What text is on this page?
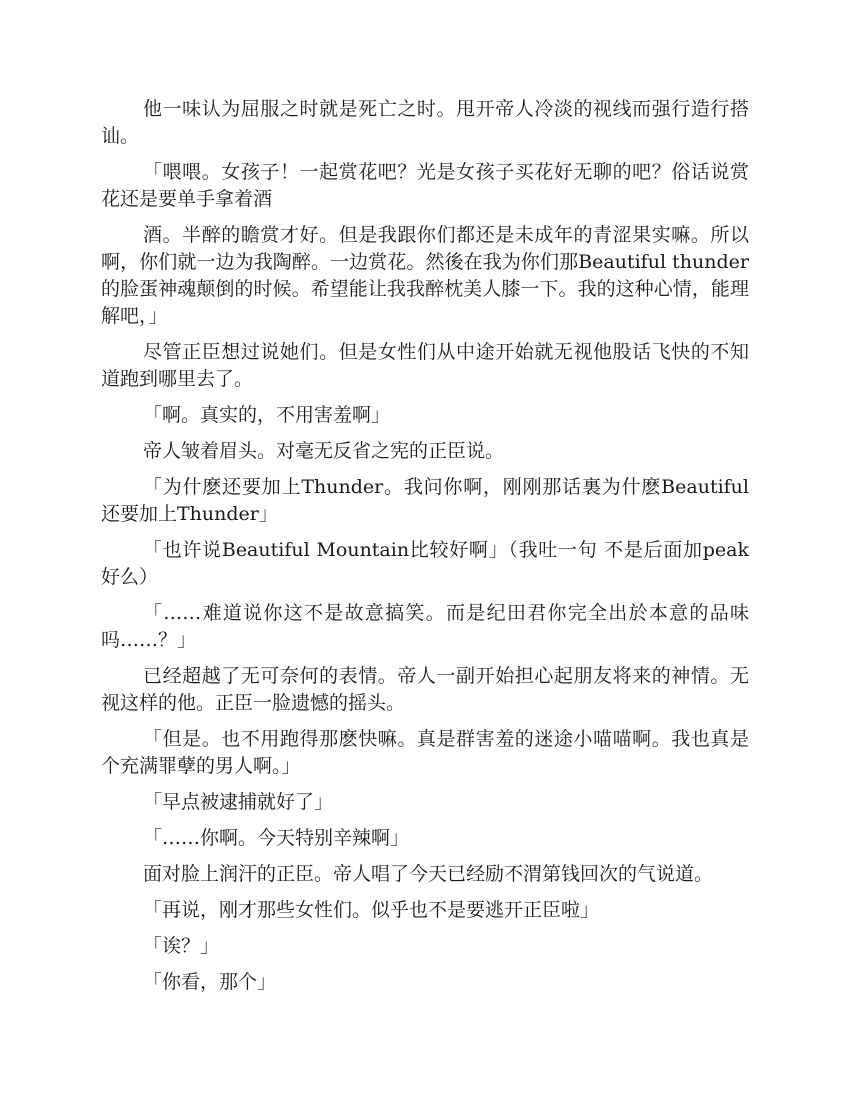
他一味认为屈服之时就是死亡之时。甩开帝人冷淡的视线而强行造行搭讪。

「喂喂。女孩子！一起赏花吧？光是女孩子买花好无聊的吧？俗话说赏花还是要单手拿着酒

酒。半醉的瞻赏才好。但是我跟你们都还是未成年的青涩果实嘛。所以啊，你们就一边为我陶醉。一边赏花。然後在我为你们那Beautiful thunder的脸蛋神魂颠倒的时候。希望能让我我醉枕美人膝一下。我的这种心情，能理解吧，」

尽管正臣想过说她们。但是女性们从中途开始就无视他股话飞快的不知道跑到哪里去了。

「啊。真实的，不用害羞啊」

帝人皱着眉头。对毫无反省之宪的正臣说。

「为什麽还要加上Thunder。我问你啊，刚刚那话裏为什麽Beautiful还要加上Thunder」

「也许说Beautiful Mountain比较好啊」（我吐一句 不是后面加peak好么）

「……难道说你这不是故意搞笑。而是纪田君你完全出於本意的品味吗……？」

已经超越了无可奈何的表情。帝人一副开始担心起朋友将来的神情。无视这样的他。正臣一脸遗憾的摇头。

「但是。也不用跑得那麽快嘛。真是群害羞的迷途小喵喵啊。我也真是个充满罪孽的男人啊。」

「早点被逮捕就好了」

「……你啊。今天特别辛辣啊」

面对脸上润汗的正臣。帝人唱了今天已经励不渭第钱回次的气说道。

「再说，刚才那些女性们。似乎也不是要逃开正臣啦」

「诶？」

「你看，那个」
